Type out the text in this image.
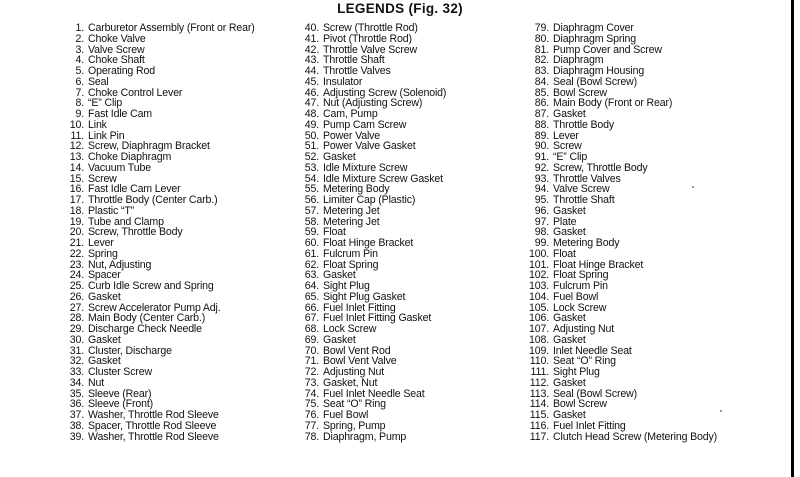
LEGENDS (Fig. 32)
1. Carburetor Assembly (Front or Rear)
2. Choke Valve
3. Valve Screw
4. Choke Shaft
5. Operating Rod
6. Seal
7. Choke Control Lever
8. “E” Clip
9. Fast Idle Cam
10. Link
11. Link Pin
12. Screw, Diaphragm Bracket
13. Choke Diaphragm
14. Vacuum Tube
15. Screw
16. Fast Idle Cam Lever
17. Throttle Body (Center Carb.)
18. Plastic “T”
19. Tube and Clamp
20. Screw, Throttle Body
21. Lever
22. Spring
23. Nut, Adjusting
24. Spacer
25. Curb Idle Screw and Spring
26. Gasket
27. Screw Accelerator Pump Adj.
28. Main Body (Center Carb.)
29. Discharge Check Needle
30. Gasket
31. Cluster, Discharge
32. Gasket
33. Cluster Screw
34. Nut
35. Sleeve (Rear)
36. Sleeve (Front)
37. Washer, Throttle Rod Sleeve
38. Spacer, Throttle Rod Sleeve
39. Washer, Throttle Rod Sleeve
40. Screw (Throttle Rod)
41. Pivot (Throttle Rod)
42. Throttle Valve Screw
43. Throttle Shaft
44. Throttle Valves
45. Insulator
46. Adjusting Screw (Solenoid)
47. Nut (Adjusting Screw)
48. Cam, Pump
49. Pump Cam Screw
50. Power Valve
51. Power Valve Gasket
52. Gasket
53. Idle Mixture Screw
54. Idle Mixture Screw Gasket
55. Metering Body
56. Limiter Cap (Plastic)
57. Metering Jet
58. Metering Jet
59. Float
60. Float Hinge Bracket
61. Fulcrum Pin
62. Float Spring
63. Gasket
64. Sight Plug
65. Sight Plug Gasket
66. Fuel Inlet Fitting
67. Fuel Inlet Fitting Gasket
68. Lock Screw
69. Gasket
70. Bowl Vent Rod
71. Bowl Vent Valve
72. Adjusting Nut
73. Gasket, Nut
74. Fuel Inlet Needle Seat
75. Seat “O” Ring
76. Fuel Bowl
77. Spring, Pump
78. Diaphragm, Pump
79. Diaphragm Cover
80. Diaphragm Spring
81. Pump Cover and Screw
82. Diaphragm
83. Diaphragm Housing
84. Seal (Bowl Screw)
85. Bowl Screw
86. Main Body (Front or Rear)
87. Gasket
88. Throttle Body
89. Lever
90. Screw
91. “E” Clip
92. Screw, Throttle Body
93. Throttle Valves
94. Valve Screw
95. Throttle Shaft
96. Gasket
97. Plate
98. Gasket
99. Metering Body
100. Float
101. Float Hinge Bracket
102. Float Spring
103. Fulcrum Pin
104. Fuel Bowl
105. Lock Screw
106. Gasket
107. Adjusting Nut
108. Gasket
109. Inlet Needle Seat
110. Seat “O” Ring
111. Sight Plug
112. Gasket
113. Seal (Bowl Screw)
114. Bowl Screw
115. Gasket
116. Fuel Inlet Fitting
117. Clutch Head Screw (Metering Body)
